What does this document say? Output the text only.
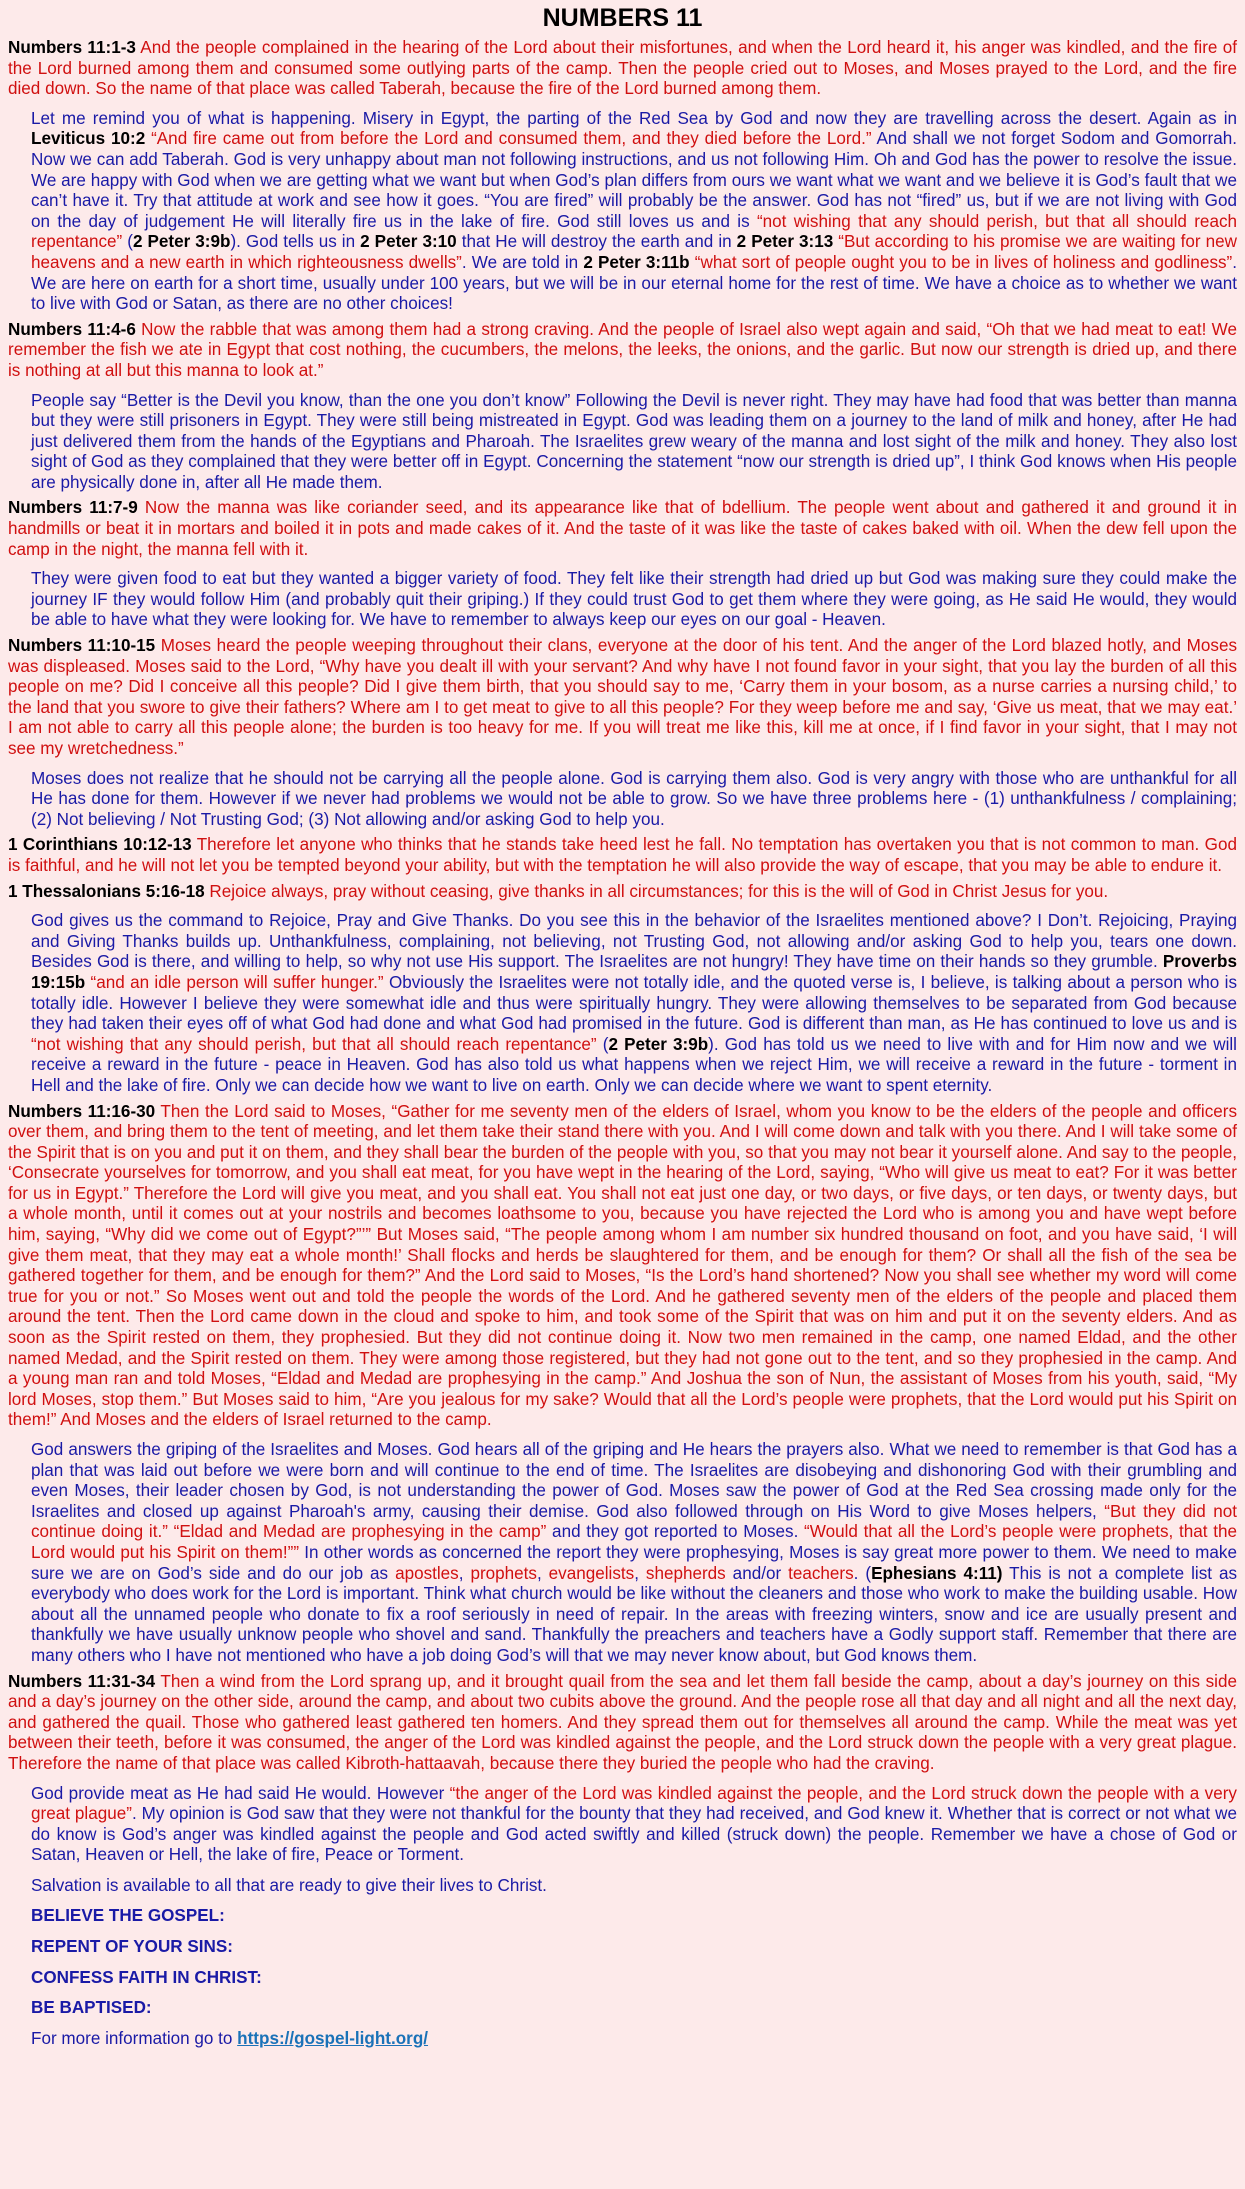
NUMBERS 11

Numbers 11:1-3 And the people complained in the hearing of the Lord about their misfortunes, and when the Lord heard it, his anger was kindled, and the fire of the Lord burned among them and consumed some outlying parts of the camp. Then the people cried out to Moses, and Moses prayed to the Lord, and the fire died down. So the name of that place was called Taberah, because the fire of the Lord burned among them.

Let me remind you of what is happening. Misery in Egypt, the parting of the Red Sea by God and now they are travelling across the desert. Again as in Leviticus 10:2 “And fire came out from before the Lord and consumed them, and they died before the Lord.” And shall we not forget Sodom and Gomorrah. Now we can add Taberah. God is very unhappy about man not following instructions, and us not following Him. Oh and God has the power to resolve the issue. We are happy with God when we are getting what we want but when God’s plan differs from ours we want what we want and we believe it is God’s fault that we can’t have it. Try that attitude at work and see how it goes. “You are fired” will probably be the answer. God has not “fired” us, but if we are not living with God on the day of judgement He will literally fire us in the lake of fire. God still loves us and is “not wishing that any should perish, but that all should reach repentance” (2 Peter 3:9b). God tells us in 2 Peter 3:10 that He will destroy the earth and in 2 Peter 3:13 “But according to his promise we are waiting for new heavens and a new earth in which righteousness dwells”. We are told in 2 Peter 3:11b “what sort of people ought you to be in lives of holiness and godliness”. We are here on earth for a short time, usually under 100 years, but we will be in our eternal home for the rest of time. We have a choice as to whether we want to live with God or Satan, as there are no other choices!

Numbers 11:4-6 Now the rabble that was among them had a strong craving. And the people of Israel also wept again and said, “Oh that we had meat to eat! We remember the fish we ate in Egypt that cost nothing, the cucumbers, the melons, the leeks, the onions, and the garlic. But now our strength is dried up, and there is nothing at all but this manna to look at.”

People say “Better is the Devil you know, than the one you don’t know” Following the Devil is never right. They may have had food that was better than manna but they were still prisoners in Egypt. They were still being mistreated in Egypt. God was leading them on a journey to the land of milk and honey, after He had just delivered them from the hands of the Egyptians and Pharoah. The Israelites grew weary of the manna and lost sight of the milk and honey. They also lost sight of God as they complained that they were better off in Egypt. Concerning the statement “now our strength is dried up”, I think God knows when His people are physically done in, after all He made them.

Numbers 11:7-9 Now the manna was like coriander seed, and its appearance like that of bdellium. The people went about and gathered it and ground it in handmills or beat it in mortars and boiled it in pots and made cakes of it. And the taste of it was like the taste of cakes baked with oil. When the dew fell upon the camp in the night, the manna fell with it.

They were given food to eat but they wanted a bigger variety of food. They felt like their strength had dried up but God was making sure they could make the journey IF they would follow Him (and probably quit their griping.) If they could trust God to get them where they were going, as He said He would, they would be able to have what they were looking for. We have to remember to always keep our eyes on our goal - Heaven.

Numbers 11:10-15 Moses heard the people weeping throughout their clans, everyone at the door of his tent. And the anger of the Lord blazed hotly, and Moses was displeased. Moses said to the Lord, “Why have you dealt ill with your servant? And why have I not found favor in your sight, that you lay the burden of all this people on me? Did I conceive all this people? Did I give them birth, that you should say to me, ‘Carry them in your bosom, as a nurse carries a nursing child,’ to the land that you swore to give their fathers? Where am I to get meat to give to all this people? For they weep before me and say, ‘Give us meat, that we may eat.’ I am not able to carry all this people alone; the burden is too heavy for me. If you will treat me like this, kill me at once, if I find favor in your sight, that I may not see my wretchedness.”

Moses does not realize that he should not be carrying all the people alone. God is carrying them also. God is very angry with those who are unthankful for all He has done for them. However if we never had problems we would not be able to grow. So we have three problems here - (1) unthankfulness / complaining; (2) Not believing / Not Trusting God; (3) Not allowing and/or asking God to help you.

1 Corinthians 10:12-13 Therefore let anyone who thinks that he stands take heed lest he fall. No temptation has overtaken you that is not common to man. God is faithful, and he will not let you be tempted beyond your ability, but with the temptation he will also provide the way of escape, that you may be able to endure it.

1 Thessalonians 5:16-18 Rejoice always, pray without ceasing, give thanks in all circumstances; for this is the will of God in Christ Jesus for you.

God gives us the command to Rejoice, Pray and Give Thanks. Do you see this in the behavior of the Israelites mentioned above? I Don’t. Rejoicing, Praying and Giving Thanks builds up. Unthankfulness, complaining, not believing, not Trusting God, not allowing and/or asking God to help you, tears one down. Besides God is there, and willing to help, so why not use His support. The Israelites are not hungry! They have time on their hands so they grumble. Proverbs 19:15b “and an idle person will suffer hunger.” Obviously the Israelites were not totally idle, and the quoted verse is, I believe, is talking about a person who is totally idle. However I believe they were somewhat idle and thus were spiritually hungry. They were allowing themselves to be separated from God because they had taken their eyes off of what God had done and what God had promised in the future. God is different than man, as He has continued to love us and is “not wishing that any should perish, but that all should reach repentance” (2 Peter 3:9b). God has told us we need to live with and for Him now and we will receive a reward in the future - peace in Heaven. God has also told us what happens when we reject Him, we will receive a reward in the future - torment in Hell and the lake of fire. Only we can decide how we want to live on earth. Only we can decide where we want to spent eternity.

Numbers 11:16-30 Then the Lord said to Moses, “Gather for me seventy men of the elders of Israel, whom you know to be the elders of the people and officers over them, and bring them to the tent of meeting, and let them take their stand there with you. And I will come down and talk with you there. And I will take some of the Spirit that is on you and put it on them, and they shall bear the burden of the people with you, so that you may not bear it yourself alone. And say to the people, ‘Consecrate yourselves for tomorrow, and you shall eat meat, for you have wept in the hearing of the Lord, saying, “Who will give us meat to eat? For it was better for us in Egypt.” Therefore the Lord will give you meat, and you shall eat. You shall not eat just one day, or two days, or five days, or ten days, or twenty days, but a whole month, until it comes out at your nostrils and becomes loathsome to you, because you have rejected the Lord who is among you and have wept before him, saying, “Why did we come out of Egypt?”’” But Moses said, “The people among whom I am number six hundred thousand on foot, and you have said, ‘I will give them meat, that they may eat a whole month!’ Shall flocks and herds be slaughtered for them, and be enough for them? Or shall all the fish of the sea be gathered together for them, and be enough for them?” And the Lord said to Moses, “Is the Lord’s hand shortened? Now you shall see whether my word will come true for you or not.” So Moses went out and told the people the words of the Lord. And he gathered seventy men of the elders of the people and placed them around the tent. Then the Lord came down in the cloud and spoke to him, and took some of the Spirit that was on him and put it on the seventy elders. And as soon as the Spirit rested on them, they prophesied. But they did not continue doing it. Now two men remained in the camp, one named Eldad, and the other named Medad, and the Spirit rested on them. They were among those registered, but they had not gone out to the tent, and so they prophesied in the camp. And a young man ran and told Moses, “Eldad and Medad are prophesying in the camp.” And Joshua the son of Nun, the assistant of Moses from his youth, said, “My lord Moses, stop them.” But Moses said to him, “Are you jealous for my sake? Would that all the Lord’s people were prophets, that the Lord would put his Spirit on them!” And Moses and the elders of Israel returned to the camp.

God answers the griping of the Israelites and Moses. God hears all of the griping and He hears the prayers also. What we need to remember is that God has a plan that was laid out before we were born and will continue to the end of time. The Israelites are disobeying and dishonoring God with their grumbling and even Moses, their leader chosen by God, is not understanding the power of God. Moses saw the power of God at the Red Sea crossing made only for the Israelites and closed up against Pharoah's army, causing their demise. God also followed through on His Word to give Moses helpers, “But they did not continue doing it.” “Eldad and Medad are prophesying in the camp” and they got reported to Moses. “Would that all the Lord’s people were prophets, that the Lord would put his Spirit on them!”” In other words as concerned the report they were prophesying, Moses is say great more power to them. We need to make sure we are on God’s side and do our job as apostles, prophets, evangelists, shepherds and/or teachers. (Ephesians 4:11) This is not a complete list as everybody who does work for the Lord is important. Think what church would be like without the cleaners and those who work to make the building usable. How about all the unnamed people who donate to fix a roof seriously in need of repair. In the areas with freezing winters, snow and ice are usually present and thankfully we have usually unknow people who shovel and sand. Thankfully the preachers and teachers have a Godly support staff. Remember that there are many others who I have not mentioned who have a job doing God’s will that we may never know about, but God knows them.

Numbers 11:31-34 Then a wind from the Lord sprang up, and it brought quail from the sea and let them fall beside the camp, about a day’s journey on this side and a day’s journey on the other side, around the camp, and about two cubits above the ground. And the people rose all that day and all night and all the next day, and gathered the quail. Those who gathered least gathered ten homers. And they spread them out for themselves all around the camp. While the meat was yet between their teeth, before it was consumed, the anger of the Lord was kindled against the people, and the Lord struck down the people with a very great plague. Therefore the name of that place was called Kibroth-hattaavah, because there they buried the people who had the craving.

God provide meat as He had said He would. However “the anger of the Lord was kindled against the people, and the Lord struck down the people with a very great plague”. My opinion is God saw that they were not thankful for the bounty that they had received, and God knew it. Whether that is correct or not what we do know is God’s anger was kindled against the people and God acted swiftly and killed (struck down) the people. Remember we have a chose of God or Satan, Heaven or Hell, the lake of fire, Peace or Torment.

Salvation is available to all that are ready to give their lives to Christ.
BELIEVE THE GOSPEL:
REPENT OF YOUR SINS:
CONFESS FAITH IN CHRIST:
BE BAPTISED:
For more information go to https://gospel-light.org/
